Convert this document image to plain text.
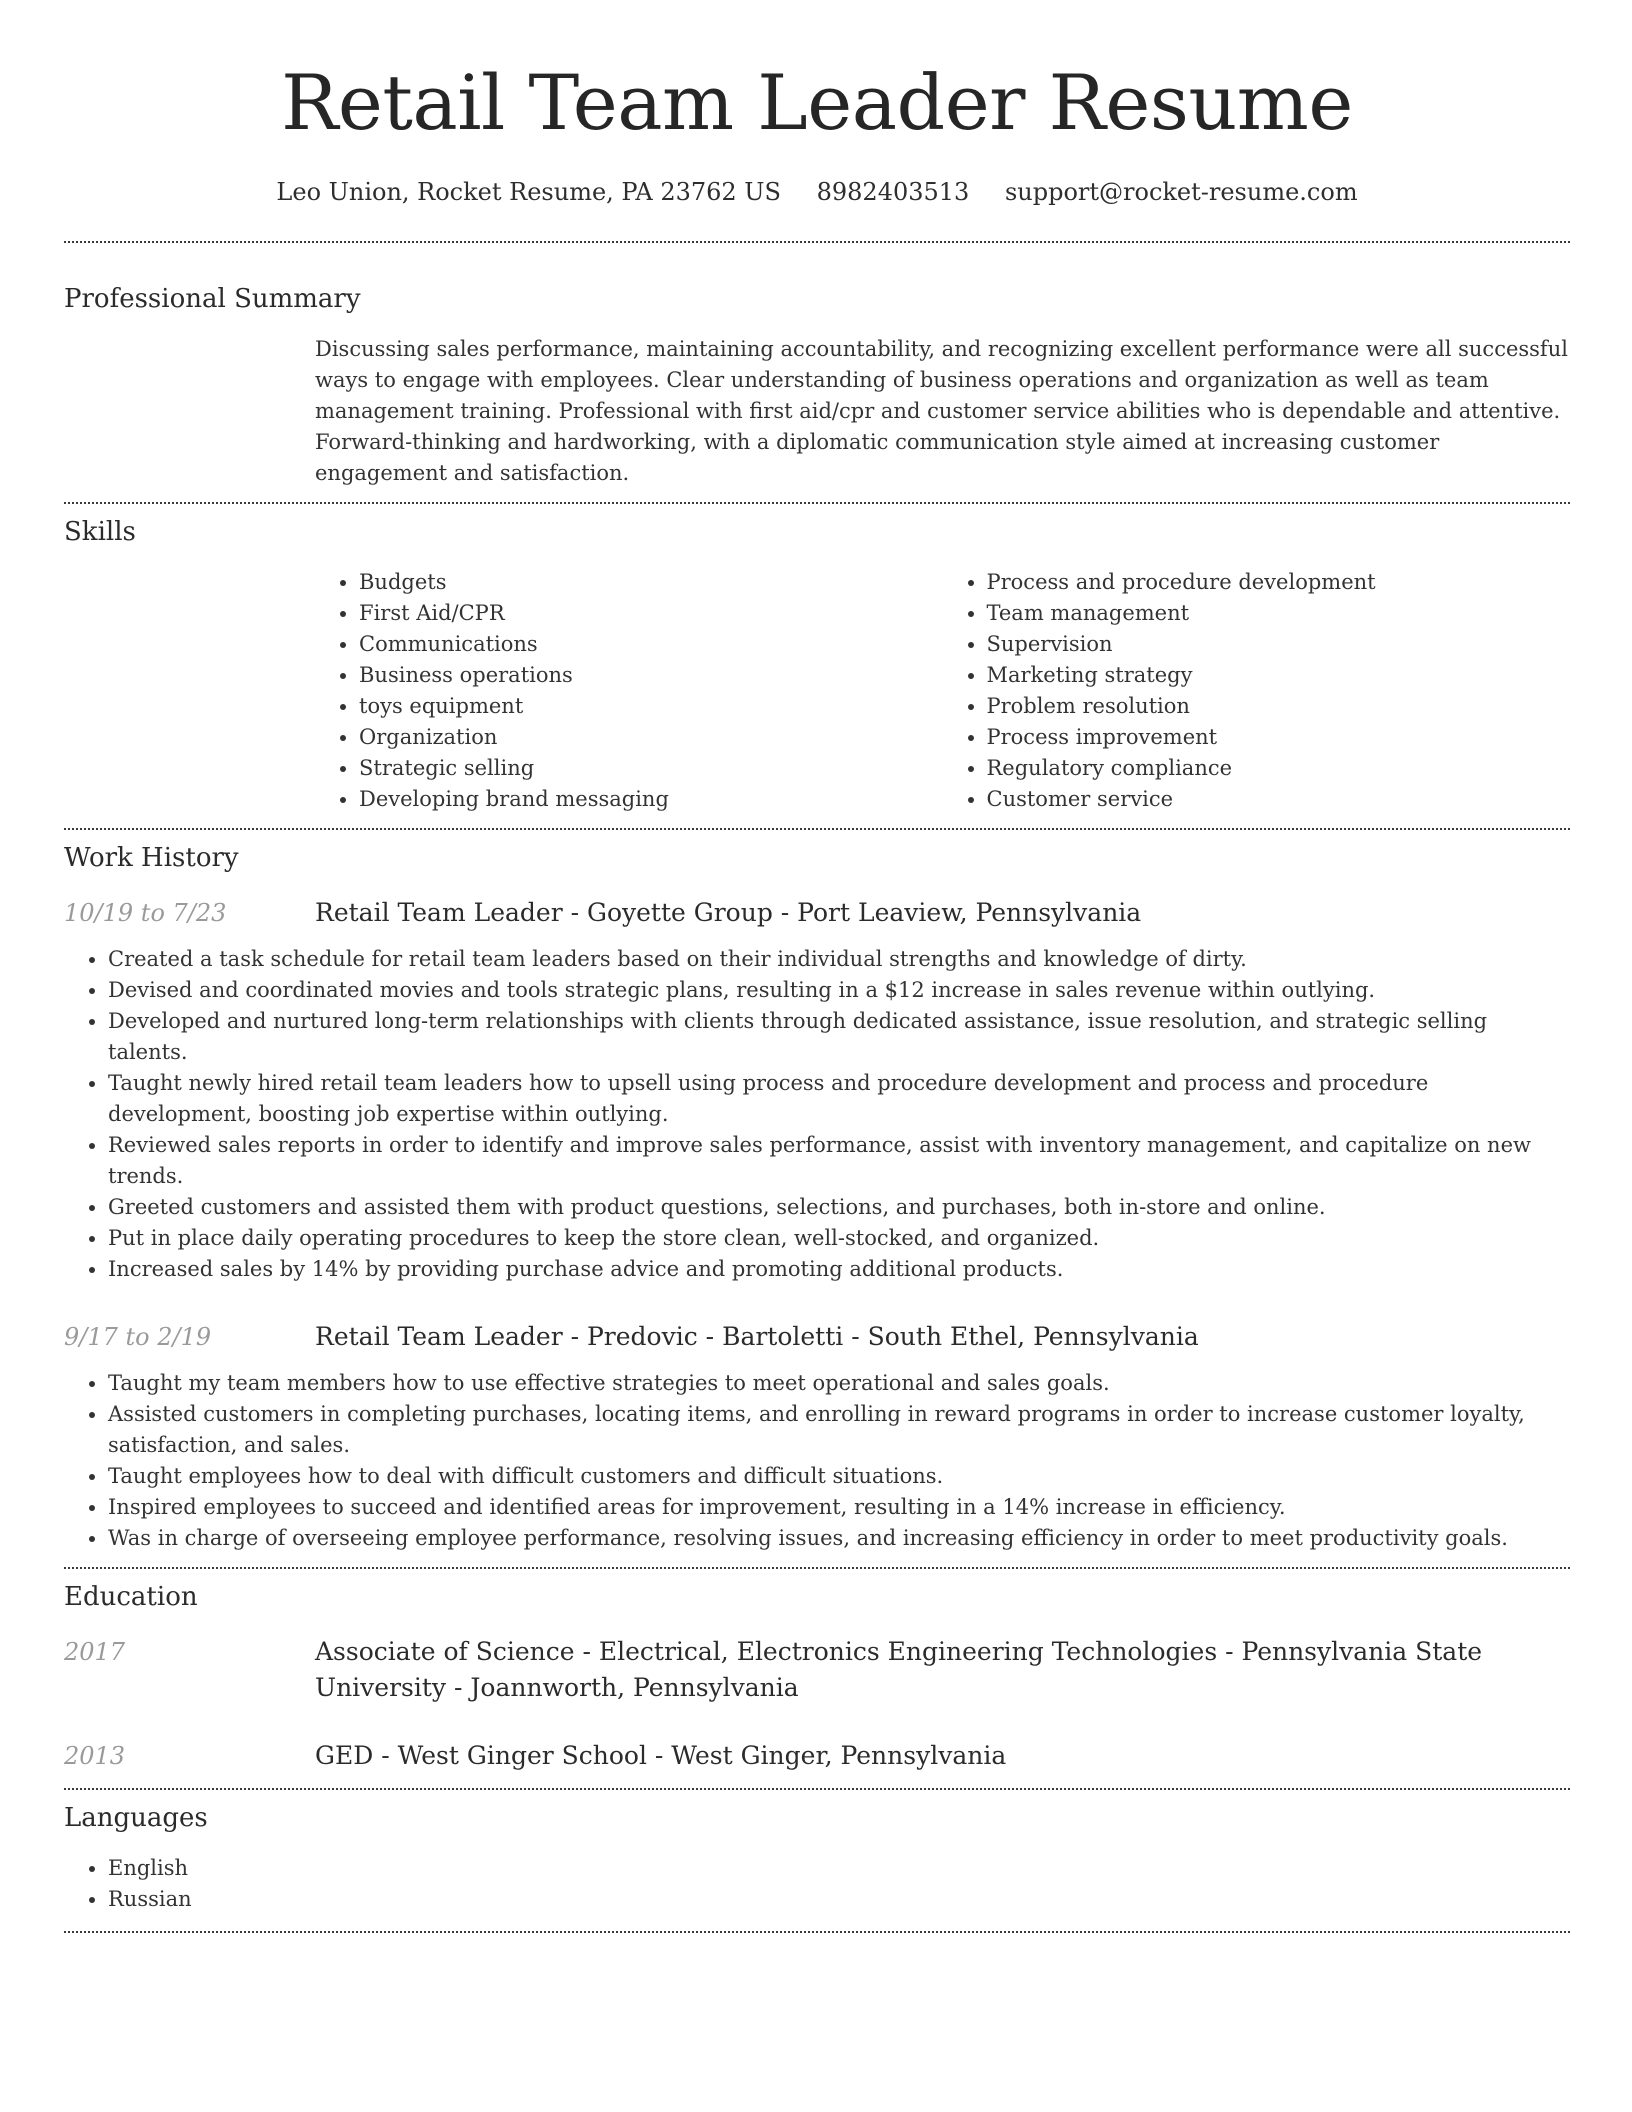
Retail Team Leader Resume
Leo Union, Rocket Resume, PA 23762 US 8982403513 support@rocket-resume.com
Professional Summary

Discussing sales performance, maintaining accountability, and recognizing excellent performance were all successful ways to engage with employees. Clear understanding of business operations and organization as well as team management training. Professional with first aid/cpr and customer service abilities who is dependable and attentive. Forward-thinking and hardworking, with a diplomatic communication style aimed at increasing customer engagement and satisfaction.

Skills
• Budgets
• First Aid/CPR
• Communications
• Business operations
• toys equipment
• Organization
• Strategic selling
• Developing brand messaging
• Process and procedure development
• Team management
• Supervision
• Marketing strategy
• Problem resolution
• Process improvement
• Regulatory compliance
• Customer service
Work History
10/19 to 7/23	Retail Team Leader - Goyette Group - Port Leaview, Pennsylvania
• Created a task schedule for retail team leaders based on their individual strengths and knowledge of dirty.
• Devised and coordinated movies and tools strategic plans, resulting in a $12 increase in sales revenue within outlying.
• Developed and nurtured long-term relationships with clients through dedicated assistance, issue resolution, and strategic selling talents.
• Taught newly hired retail team leaders how to upsell using process and procedure development and process and procedure development, boosting job expertise within outlying.
• Reviewed sales reports in order to identify and improve sales performance, assist with inventory management, and capitalize on new trends.
• Greeted customers and assisted them with product questions, selections, and purchases, both in-store and online.
• Put in place daily operating procedures to keep the store clean, well-stocked, and organized.
• Increased sales by 14% by providing purchase advice and promoting additional products.
9/17 to 2/19	Retail Team Leader - Predovic - Bartoletti - South Ethel, Pennsylvania
• Taught my team members how to use effective strategies to meet operational and sales goals.
• Assisted customers in completing purchases, locating items, and enrolling in reward programs in order to increase customer loyalty, satisfaction, and sales.
• Taught employees how to deal with difficult customers and difficult situations.
• Inspired employees to succeed and identified areas for improvement, resulting in a 14% increase in efficiency.
• Was in charge of overseeing employee performance, resolving issues, and increasing efficiency in order to meet productivity goals.
Education
2017	Associate of Science - Electrical, Electronics Engineering Technologies - Pennsylvania State University - Joannworth, Pennsylvania
2013	GED - West Ginger School - West Ginger, Pennsylvania
Languages
• English
• Russian
